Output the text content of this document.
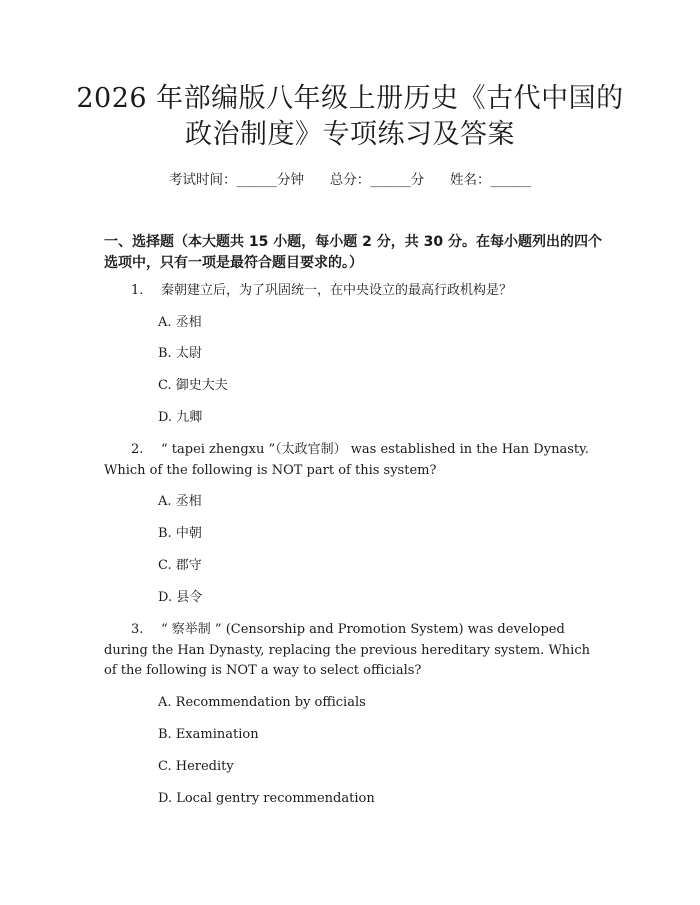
2026 年部编版八年级上册历史《古代中国的
政治制度》专项练习及答案
考试时间：______分钟 总分：______分 姓名：______
一、选择题（本大题共 15 小题，每小题 2 分，共 30 分。在每小题列出的四个选项中，只有一项是最符合题目要求的。）
1. 秦朝建立后，为了巩固统一，在中央设立的最高行政机构是？
A. 丞相
B. 太尉
C. 御史大夫
D. 九卿
2. “ tapei zhengxu ”（太政官制） was established in the Han Dynasty. Which of the following is NOT part of this system?
A. 丞相
B. 中朝
C. 郡守
D. 县令
3. “ 察举制 ” (Censorship and Promotion System) was developed during the Han Dynasty, replacing the previous hereditary system. Which of the following is NOT a way to select officials?
A. Recommendation by officials
B. Examination
C. Heredity
D. Local gentry recommendation
